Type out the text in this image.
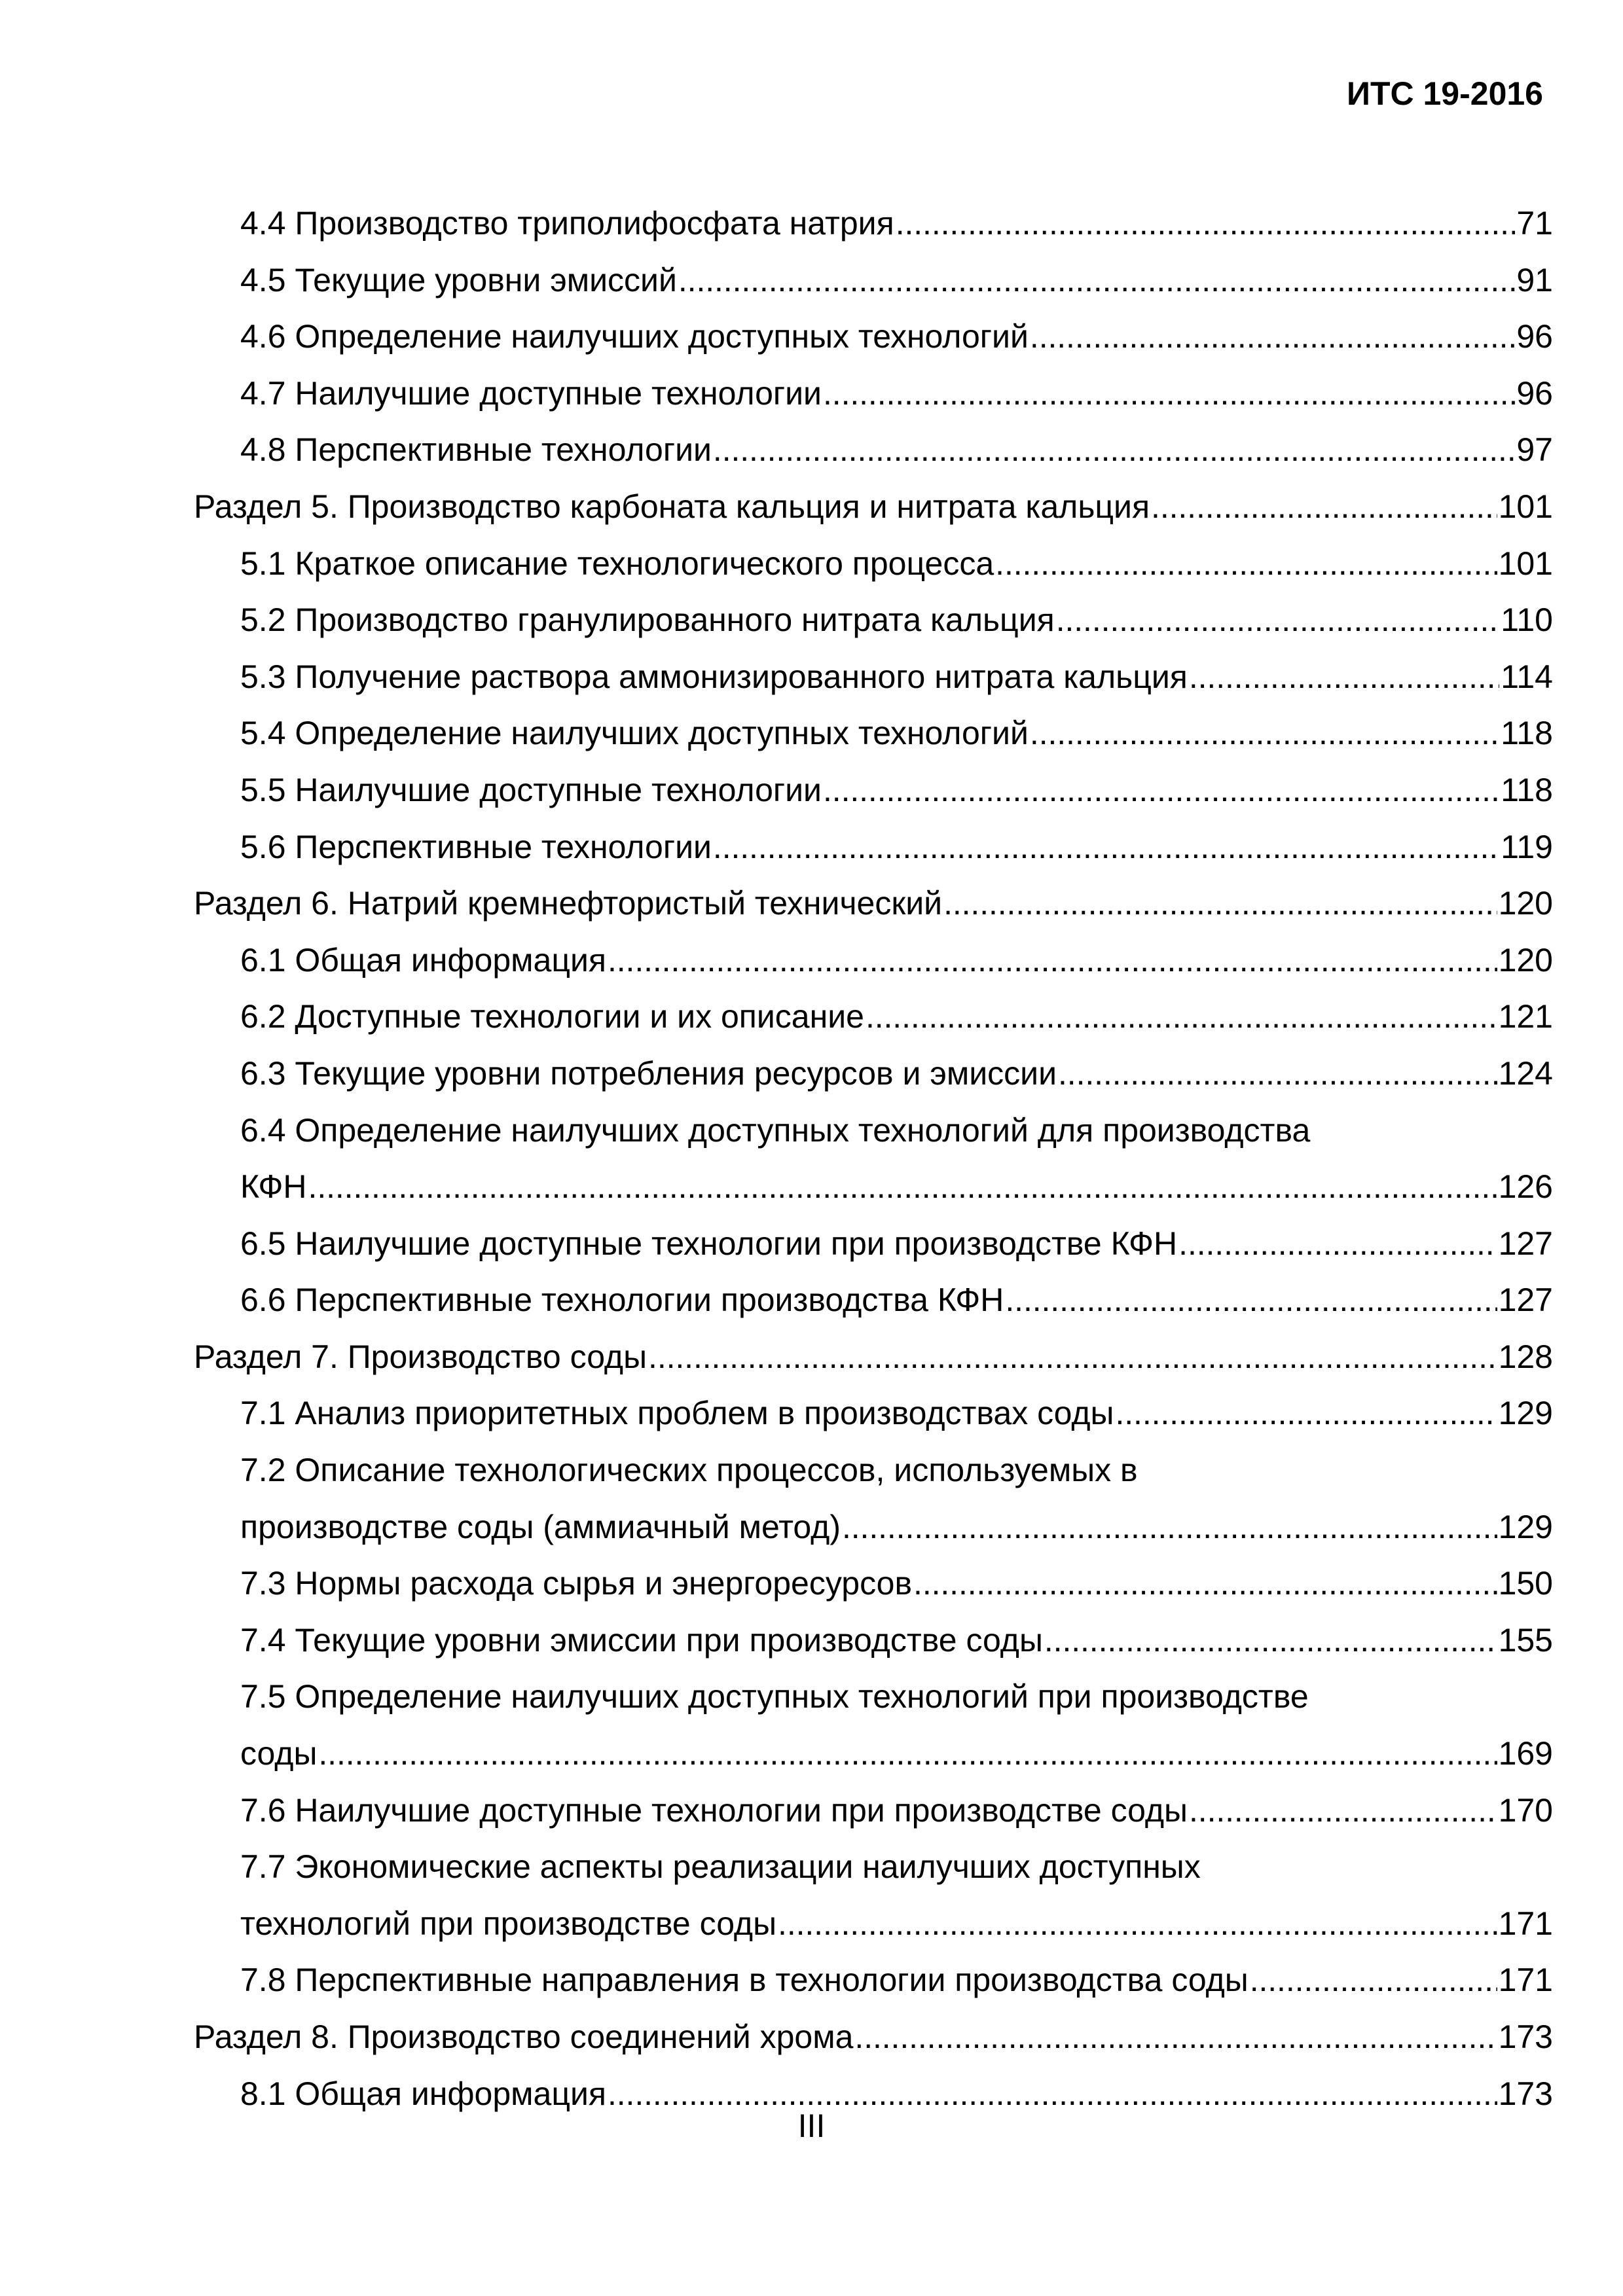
ИТС 19-2016
4.4 Производство триполифосфата натрия . . .	71
4.5 Текущие уровни эмиссий . . .	91
4.6 Определение наилучших доступных технологий . . .	96
4.7 Наилучшие доступные технологии . . .	96
4.8 Перспективные технологии . . .	97
Раздел 5. Производство карбоната кальция и нитрата кальция . . .	101
5.1 Краткое описание технологического процесса . . .	101
5.2 Производство гранулированного нитрата кальция . . .	110
5.3 Получение раствора аммонизированного нитрата кальция . . .	114
5.4 Определение наилучших доступных технологий . . .	118
5.5 Наилучшие доступные технологии . . .	118
5.6 Перспективные технологии . . .	119
Раздел 6. Натрий кремнефтористый технический . . .	120
6.1 Общая информация . . .	120
6.2 Доступные технологии и их описание . . .	121
6.3 Текущие уровни потребления ресурсов и эмиссии . . .	124
6.4 Определение наилучших доступных технологий для производства
КФН . . .	126
6.5 Наилучшие доступные технологии при производстве КФН . . .	127
6.6 Перспективные технологии производства КФН . . .	127
Раздел 7. Производство соды . . .	128
7.1 Анализ приоритетных проблем в производствах соды . . .	129
7.2 Описание технологических процессов, используемых в
производстве соды (аммиачный метод) . . .	129
7.3 Нормы расхода сырья и энергоресурсов . . .	150
7.4 Текущие уровни эмиссии при производстве соды . . .	155
7.5 Определение наилучших доступных технологий при производстве
соды . . .	169
7.6 Наилучшие доступные технологии при производстве соды . . .	170
7.7 Экономические аспекты реализации наилучших доступных
технологий при производстве соды . . .	171
7.8 Перспективные направления в технологии производства соды . . .	171
Раздел 8. Производство соединений хрома . . .	173
8.1 Общая информация . . .	173
III
